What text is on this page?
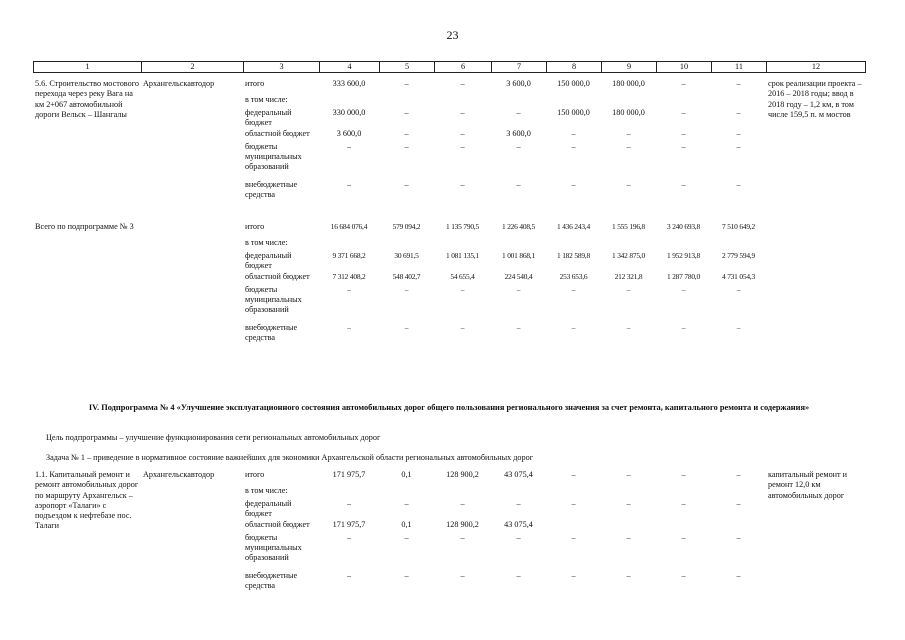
23
1	2	3	4	5	6	7	8	9	10	11	12
5.6. Строительство мостового перехода через реку Вага на км 2+067 автомобильной дороги Вельск – Шангалы	Архангельскавтодор	итого	333 600,0	–	–	3 600,0	150 000,0	180 000,0	–	–	срок реализации проекта – 2016 – 2018 годы; ввод в 2018 году – 1,2 км, в том числе 159,5 п. м мостов
		в том числе:									
		федеральный бюджет	330 000,0	–	–	–	150 000,0	180 000,0	–	–	
		областной бюджет	3 600,0	–	–	3 600,0	–	–	–	–	
		бюджеты муниципальных образований	–	–	–	–	–	–	–	–	
		внебюджетные средства	–	–	–	–	–	–	–	–	

Всего по подпрограмме № 3		итого	16 684 076,4	579 094,2	1 135 790,5	1 226 408,5	1 436 243,4	1 555 196,8	3 240 693,8	7 510 649,2	
		в том числе:									
		федеральный бюджет	9 371 668,2	30 691,5	1 081 135,1	1 001 868,1	1 182 589,8	1 342 875,0	1 952 913,8	2 779 594,9	
		областной бюджет	7 312 408,2	548 402,7	54 655,4	224 540,4	253 653,6	212 321,8	1 287 780,0	4 731 054,3	
		бюджеты муниципальных образований	–	–	–	–	–	–	–	–	
		внебюджетные средства	–	–	–	–	–	–	–	–	
IV. Подпрограмма № 4 «Улучшение эксплуатационного состояния автомобильных дорог общего пользования регионального значения за счет ремонта, капитального ремонта и содержания»
Цель подпрограммы – улучшение функционирования сети региональных автомобильных дорог
Задача № 1 – приведение в нормативное состояние важнейших для экономики Архангельской области региональных автомобильных дорог
1.1. Капитальный ремонт и ремонт автомобильных дорог по маршруту Архангельск – аэропорт «Талаги» с подъездом к нефтебазе пос. Талаги	Архангельскавтодор	итого	171 975,7	0,1	128 900,2	43 075,4	–	–	–	–	капитальный ремонт и ремонт 12,0 км автомобильных дорог
		в том числе:									
		федеральный бюджет	–	–	–	–	–	–	–	–	
		областной бюджет	171 975,7	0,1	128 900,2	43 075,4					
		бюджеты муниципальных образований	–	–	–	–	–	–	–	–	
		внебюджетные средства	–	–	–	–	–	–	–	–	
